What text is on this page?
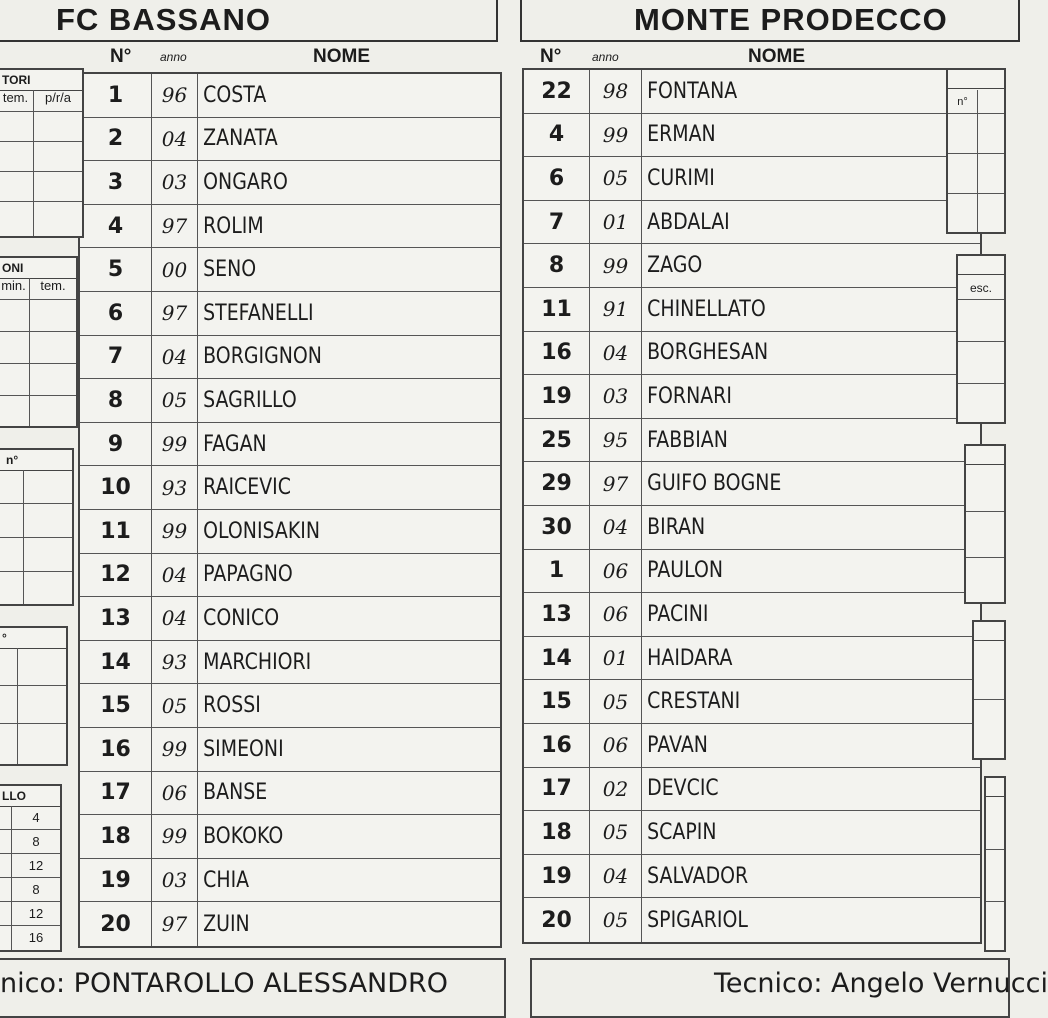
FC BASSANO	MONTE PRODECCO
N° anno	NOME	N°	anno	NOME
1	96 COSTA
2	04 ZANATA
3	03 ONGARO
4	97 ROLIM
5	00 SENO
6	97 STEFANELLI
7	04 BORGIGNON
8	05 SAGRILLO
9	99 FAGAN
10	93 RAICEVIC
11	99 OLONISAKIN
12	04 PAPAGNO
13	04 CONICO
14	93 MARCHIORI
15	05 ROSSI
16	99 SIMEONI
17	06 BANSE
18	99 BOKOKO
19	03 CHIA
20	97 ZUIN
22	98 FONTANA
4	99 ERMAN
6	05 CURIMI
7	01 ABDALAI
8	99 ZAGO
11	91 CHINELLATO
16	04 BORGHESAN
19	03 FORNARI
25	95 FABBIAN
29	97 GUIFO BOGNE
30	04 BIRAN
1	06 PAULON
13	06 PACINI
14	01 HAIDARA
15	05 CRESTANI
16	06 PAVAN
17	02 DEVCIC
18	05 SCAPIN
19	04 SALVADOR
20	05 SPIGARIOL
TORI
tem.	p/r/a
ONI
min.	tem.
n°
°
LLO
4
8
12
8
12
16
n°
esc.
nico: PONTAROLLO ALESSANDRO	Tecnico: Angelo Vernucci
